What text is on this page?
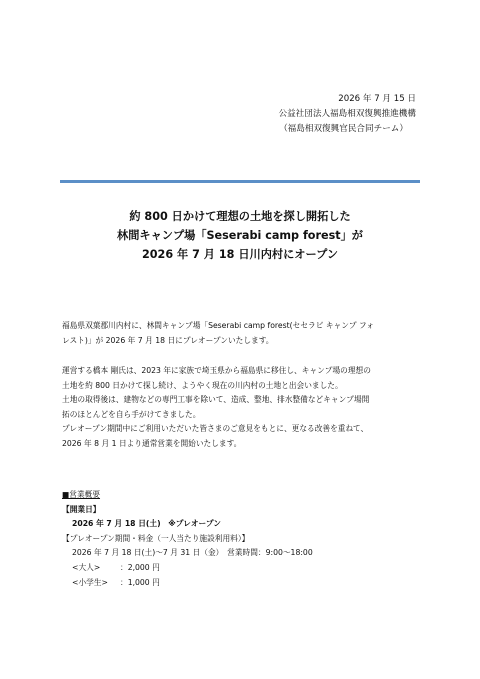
2026 年 7 月 15 日
公益社団法人福島相双復興推進機構
（福島相双復興官民合同チーム）
約 800 日かけて理想の土地を探し開拓した
林間キャンプ場「Seserabi camp forest」が
2026 年 7 月 18 日川内村にオープン
福島県双葉郡川内村に、林間キャンプ場「Seserabi camp forest(セセラビ キャンプ フォ
レスト)」が 2026 年 7 月 18 日にプレオープンいたします。
運営する橋本 剛氏は、2023 年に家族で埼玉県から福島県に移住し、キャンプ場の理想の
土地を約 800 日かけて探し続け、ようやく現在の川内村の土地と出会いました。
土地の取得後は、建物などの専門工事を除いて、造成、整地、排水整備などキャンプ場開
拓のほとんどを自ら手がけてきました。
プレオープン期間中にご利用いただいた皆さまのご意見をもとに、更なる改善を重ねて、
2026 年 8 月 1 日より通常営業を開始いたします。
■営業概要
【開業日】
2026 年 7 月 18 日(土)　※プレオープン
【プレオープン期間・料金（一人当たり施設利用料）】
2026 年 7 月 18 日(土)〜7 月 31 日（金）　営業時間：9:00〜18:00
<大人>	：2,000 円
<小学生> ：1,000 円
